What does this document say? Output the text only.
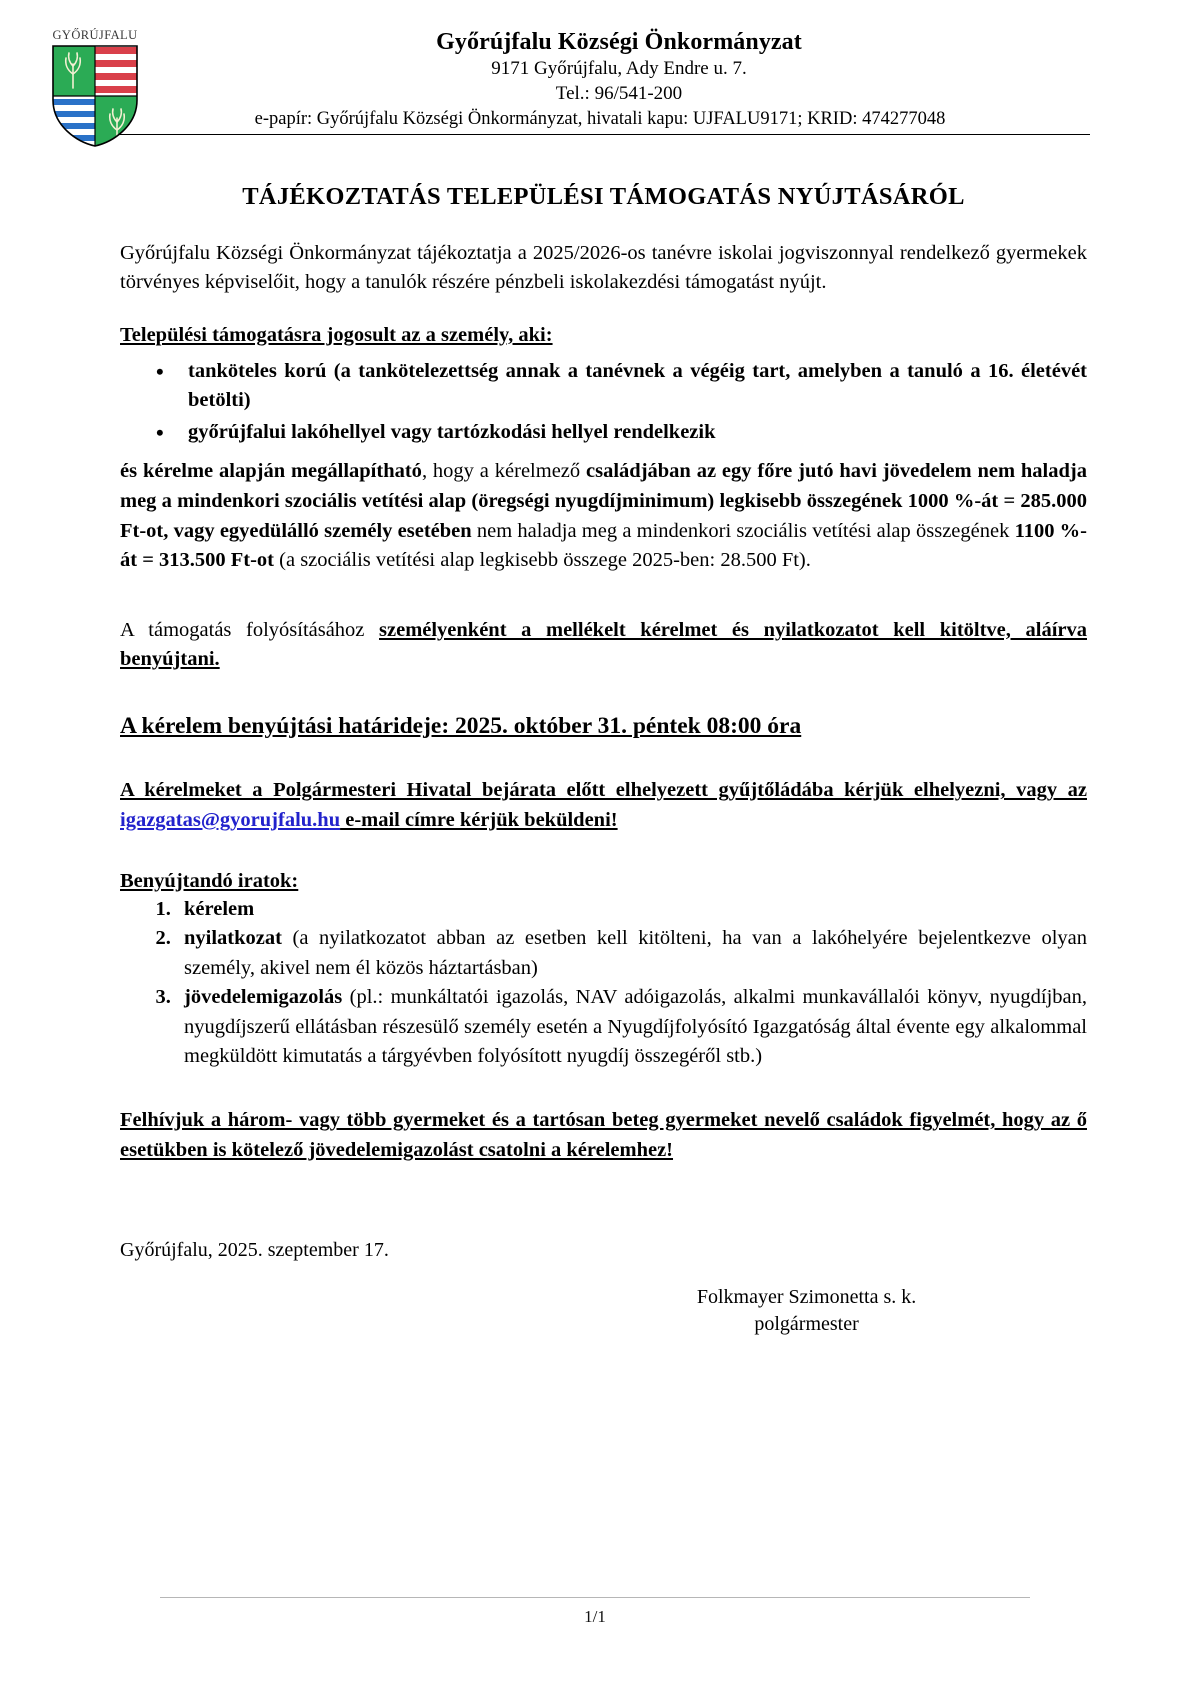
GYŐRÚJFALU	Győrújfalu Községi Önkormányzat
9171 Győrújfalu, Ady Endre u. 7.
Tel.: 96/541-200
e-papír: Győrújfalu Községi Önkormányzat, hivatali kapu: UJFALU9171; KRID: 474277048
TÁJÉKOZTATÁS TELEPÜLÉSI TÁMOGATÁS NYÚJTÁSÁRÓL

Győrújfalu Községi Önkormányzat tájékoztatja a 2025/2026-os tanévre iskolai jogviszonnyal rendelkező gyermekek törvényes képviselőit, hogy a tanulók részére pénzbeli iskolakezdési támogatást nyújt.

Települési támogatásra jogosult az a személy, aki:
• tanköteles korú (a tankötelezettség annak a tanévnek a végéig tart, amelyben a tanuló a 16. életévét betölti)
• győrújfalui lakóhellyel vagy tartózkodási hellyel rendelkezik

és kérelme alapján megállapítható, hogy a kérelmező családjában az egy főre jutó havi jövedelem nem haladja meg a mindenkori szociális vetítési alap (öregségi nyugdíjminimum) legkisebb összegének 1000 %-át = 285.000 Ft-ot, vagy egyedülálló személy esetében nem haladja meg a mindenkori szociális vetítési alap összegének 1100 %-át = 313.500 Ft-ot (a szociális vetítési alap legkisebb összege 2025-ben: 28.500 Ft).

A támogatás folyósításához személyenként a mellékelt kérelmet és nyilatkozatot kell kitöltve, aláírva benyújtani.

A kérelem benyújtási határideje: 2025. október 31. péntek 08:00 óra

A kérelmeket a Polgármesteri Hivatal bejárata előtt elhelyezett gyűjtőládába kérjük elhelyezni, vagy az igazgatas@gyorujfalu.hu e-mail címre kérjük beküldeni!

Benyújtandó iratok:
1. kérelem
2. nyilatkozat (a nyilatkozatot abban az esetben kell kitölteni, ha van a lakóhelyére bejelentkezve olyan személy, akivel nem él közös háztartásban)
3. jövedelemigazolás (pl.: munkáltatói igazolás, NAV adóigazolás, alkalmi munkavállalói könyv, nyugdíjban, nyugdíjszerű ellátásban részesülő személy esetén a Nyugdíjfolyósító Igazgatóság által évente egy alkalommal megküldött kimutatás a tárgyévben folyósított nyugdíj összegéről stb.)

Felhívjuk a három- vagy több gyermeket és a tartósan beteg gyermeket nevelő családok figyelmét, hogy az ő esetükben is kötelező jövedelemigazolást csatolni a kérelemhez!

Győrújfalu, 2025. szeptember 17.
Folkmayer Szimonetta s. k.
polgármester
1/1
